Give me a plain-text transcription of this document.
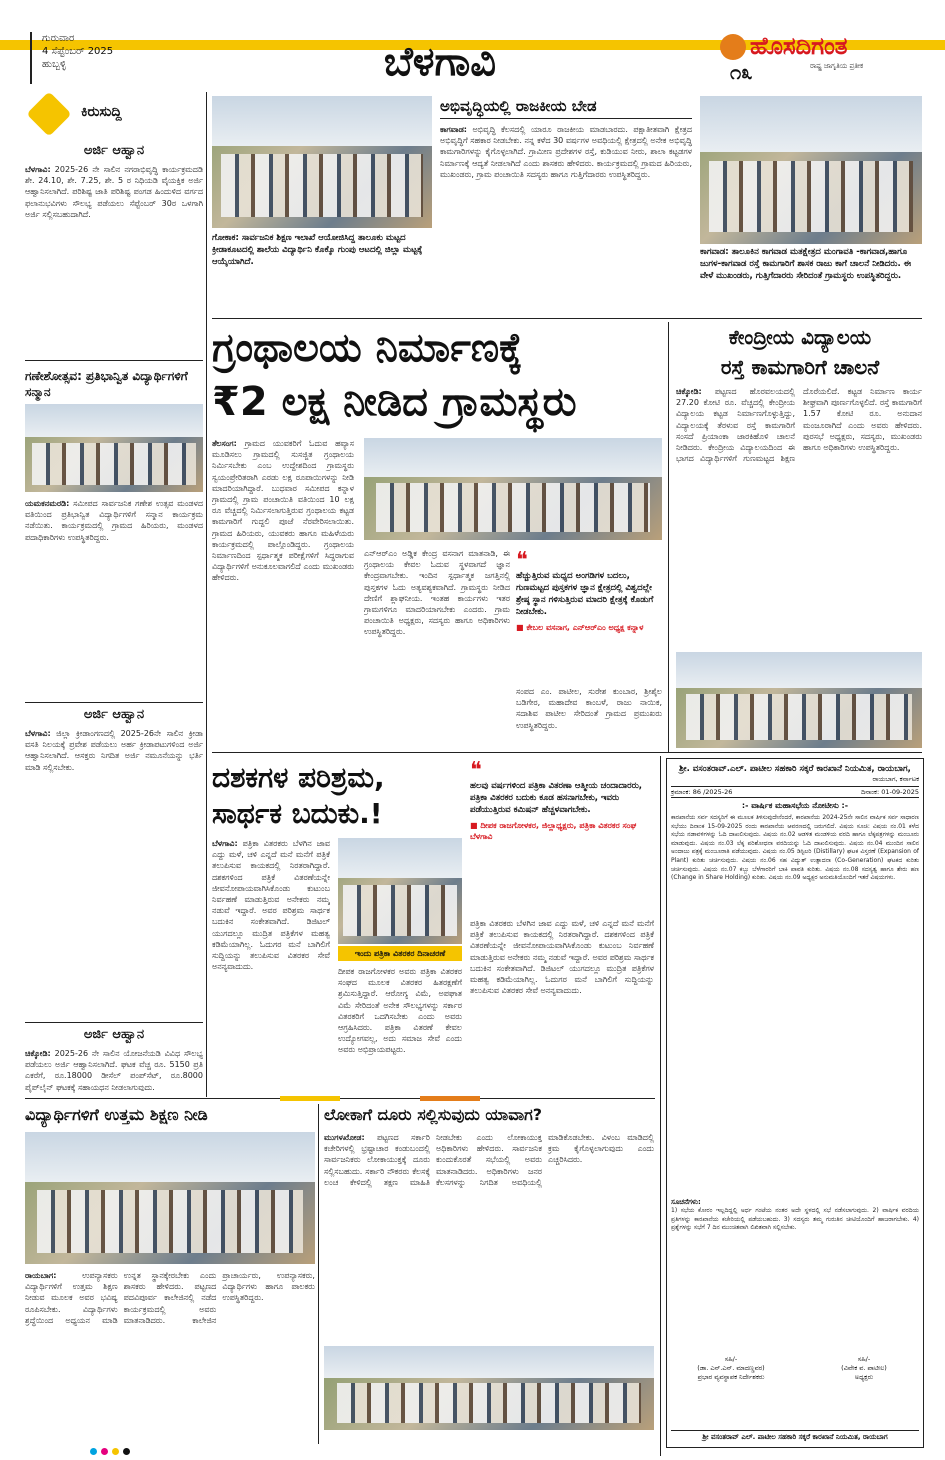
ಗುರುವಾರ
4 ಸೆಪ್ಟೆಂಬರ್ 2025
ಹುಬ್ಬಳ್ಳಿ	ಬೆಳಗಾವಿ	ಹೊಸದಿಗಂತ
ರಾಷ್ಟ್ರ ಜಾಗೃತಿಯ ಪ್ರತೀಕ
೧೩
ಕಿರುಸುದ್ದಿ
ಅರ್ಜಿ ಆಹ್ವಾನ
ಬೆಳಗಾವಿ: 2025-26 ನೇ ಸಾಲಿನ ನಗರಾಭಿವೃದ್ಧಿ ಕಾರ್ಯಕ್ರಮದಡಿ ಶೇ. 24.10, ಶೇ. 7.25, ಶೇ. 5 ರ ನಿಧಿಯಡಿ ವೈಯಕ್ತಿಕ ಅರ್ಜಿ ಆಹ್ವಾನಿಸಲಾಗಿದೆ. ಪರಿಶಿಷ್ಟ ಜಾತಿ ಪರಿಶಿಷ್ಟ ಪಂಗಡ ಹಿಂದುಳಿದ ವರ್ಗದ ಫಲಾನುಭವಿಗಳು ಸೌಲಭ್ಯ ಪಡೆಯಲು ಸೆಪ್ಟೆಂಬರ್ 30ರ ಒಳಗಾಗಿ ಅರ್ಜಿ ಸಲ್ಲಿಸಬಹುದಾಗಿದೆ.
ಗಣೇಶೋತ್ಸವ: ಪ್ರತಿಭಾನ್ವಿತ ವಿದ್ಯಾರ್ಥಿಗಳಿಗೆ ಸನ್ಮಾನ
ಯಮಕನಮರಡಿ: ಸಮೀಪದ ಸಾರ್ವಜನಿಕ ಗಣೇಶ ಉತ್ಸವ ಮಂಡಳದ ವತಿಯಿಂದ ಪ್ರತಿಭಾನ್ವಿತ ವಿದ್ಯಾರ್ಥಿಗಳಿಗೆ ಸನ್ಮಾನ ಕಾರ್ಯಕ್ರಮ ನಡೆಯಿತು. ಕಾರ್ಯಕ್ರಮದಲ್ಲಿ ಗ್ರಾಮದ ಹಿರಿಯರು, ಮಂಡಳದ ಪದಾಧಿಕಾರಿಗಳು ಉಪಸ್ಥಿತರಿದ್ದರು.
ಅರ್ಜಿ ಆಹ್ವಾನ
ಬೆಳಗಾವಿ: ಜಿಲ್ಲಾ ಕ್ರೀಡಾಂಗಣದಲ್ಲಿ 2025-26ನೇ ಸಾಲಿನ ಕ್ರೀಡಾ ವಸತಿ ನಿಲಯಕ್ಕೆ ಪ್ರವೇಶ ಪಡೆಯಲು ಅರ್ಹ ಕ್ರೀಡಾಪಟುಗಳಿಂದ ಅರ್ಜಿ ಆಹ್ವಾನಿಸಲಾಗಿದೆ. ಆಸಕ್ತರು ನಿಗದಿತ ಅರ್ಜಿ ನಮೂನೆಯನ್ನು ಭರ್ತಿ ಮಾಡಿ ಸಲ್ಲಿಸಬೇಕು.
ಅರ್ಜಿ ಆಹ್ವಾನ
ಚಿಕ್ಕೋಡಿ: 2025-26 ನೇ ಸಾಲಿನ ಯೋಜನೆಯಡಿ ವಿವಿಧ ಸೌಲಭ್ಯ ಪಡೆಯಲು ಅರ್ಜಿ ಆಹ್ವಾನಿಸಲಾಗಿದೆ. ಘಟಕ ವೆಚ್ಚ ರೂ. 5150 ಪ್ರತಿ ಎಕರೆಗೆ, ರೂ.18000 ಡೀಸೆಲ್ ಪಂಪ್‌ಸೆಟ್, ರೂ.8000 ಪೈಪ್‌ಲೈನ್ ಘಟಕಕ್ಕೆ ಸಹಾಯಧನ ನೀಡಲಾಗುವುದು.
ಗೋಕಾಕ: ಸಾರ್ವಜನಿಕ ಶಿಕ್ಷಣ ಇಲಾಖೆ ಆಯೋಜಿಸಿದ್ದ ತಾಲೂಕು ಮಟ್ಟದ ಕ್ರೀಡಾಕೂಟದಲ್ಲಿ ಶಾಲೆಯ ವಿದ್ಯಾರ್ಥಿನಿ ಕೊಕ್ಕೊ ಗುಂಪು ಆಟದಲ್ಲಿ ಜಿಲ್ಲಾ ಮಟ್ಟಕ್ಕೆ ಆಯ್ಕೆಯಾಗಿದೆ.
ಅಭಿವೃದ್ಧಿಯಲ್ಲಿ ರಾಜಕೀಯ ಬೇಡ
ಕಾಗವಾಡ: ಅಭಿವೃದ್ಧಿ ಕೆಲಸದಲ್ಲಿ ಯಾರೂ ರಾಜಕೀಯ ಮಾಡಬಾರದು. ಪಕ್ಷಾತೀತವಾಗಿ ಕ್ಷೇತ್ರದ ಅಭಿವೃದ್ಧಿಗೆ ಸಹಕಾರ ನೀಡಬೇಕು. ನನ್ನ ಕಳೆದ 30 ವರ್ಷಗಳ ಅವಧಿಯಲ್ಲಿ ಕ್ಷೇತ್ರದಲ್ಲಿ ಅನೇಕ ಅಭಿವೃದ್ಧಿ ಕಾಮಗಾರಿಗಳನ್ನು ಕೈಗೊಳ್ಳಲಾಗಿದೆ. ಗ್ರಾಮೀಣ ಪ್ರದೇಶಗಳ ರಸ್ತೆ, ಕುಡಿಯುವ ನೀರು, ಶಾಲಾ ಕಟ್ಟಡಗಳ ನಿರ್ಮಾಣಕ್ಕೆ ಆದ್ಯತೆ ನೀಡಲಾಗಿದೆ ಎಂದು ಶಾಸಕರು ಹೇಳಿದರು. ಕಾರ್ಯಕ್ರಮದಲ್ಲಿ ಗ್ರಾಮದ ಹಿರಿಯರು, ಮುಖಂಡರು, ಗ್ರಾಮ ಪಂಚಾಯಿತಿ ಸದಸ್ಯರು ಹಾಗೂ ಗುತ್ತಿಗೆದಾರರು ಉಪಸ್ಥಿತರಿದ್ದರು.
ಕಾಗವಾಡ: ತಾಲೂಕಿನ ಕಾಗವಾಡ ಮತಕ್ಷೇತ್ರದ ಮಂಗಾವತಿ -ಕಾಗವಾಡ,ಹಾಗೂ ಜುಗಳ-ಕಾಗವಾಡ ರಸ್ತೆ ಕಾಮಗಾರಿಗೆ ಶಾಸಕ ರಾಜು ಕಾಗೆ ಚಾಲನೆ ನೀಡಿದರು. ಈ ವೇಳೆ ಮುಖಂಡರು, ಗುತ್ತಿಗೆದಾರರು ಸೇರಿದಂತೆ ಗ್ರಾಮಸ್ಥರು ಉಪಸ್ಥಿತರಿದ್ದರು.
ಗ್ರಂಥಾಲಯ ನಿರ್ಮಾಣಕ್ಕೆ
₹2 ಲಕ್ಷ ನೀಡಿದ ಗ್ರಾಮಸ್ಥರು
ತೆಲಸಂಗ: ಗ್ರಾಮದ ಯುವಕರಿಗೆ ಓದುವ ಹವ್ಯಾಸ ಮೂಡಿಸಲು ಗ್ರಾಮದಲ್ಲಿ ಸುಸಜ್ಜಿತ ಗ್ರಂಥಾಲಯ ನಿರ್ಮಿಸಬೇಕು ಎಂಬ ಉದ್ದೇಶದಿಂದ ಗ್ರಾಮಸ್ಥರು ಸ್ವಯಂಪ್ರೇರಿತರಾಗಿ ಎರಡು ಲಕ್ಷ ರೂಪಾಯಿಗಳನ್ನು ನೀಡಿ ಮಾದರಿಯಾಗಿದ್ದಾರೆ. ಬುಧವಾರ ಸಮೀಪದ ಕನ್ನಾಳ ಗ್ರಾಮದಲ್ಲಿ ಗ್ರಾಮ ಪಂಚಾಯಿತಿ ವತಿಯಿಂದ 10 ಲಕ್ಷ ರೂ ವೆಚ್ಚದಲ್ಲಿ ನಿರ್ಮಿಸಲಾಗುತ್ತಿರುವ ಗ್ರಂಥಾಲಯ ಕಟ್ಟಡ ಕಾಮಗಾರಿಗೆ ಗುದ್ದಲಿ ಪೂಜೆ ನೆರವೇರಿಸಲಾಯಿತು. ಗ್ರಾಮದ ಹಿರಿಯರು, ಯುವಕರು ಹಾಗೂ ಮಹಿಳೆಯರು ಕಾರ್ಯಕ್ರಮದಲ್ಲಿ ಪಾಲ್ಗೊಂಡಿದ್ದರು. ಗ್ರಂಥಾಲಯ ನಿರ್ಮಾಣದಿಂದ ಸ್ಪರ್ಧಾತ್ಮಕ ಪರೀಕ್ಷೆಗಳಿಗೆ ಸಿದ್ಧರಾಗುವ ವಿದ್ಯಾರ್ಥಿಗಳಿಗೆ ಅನುಕೂಲವಾಗಲಿದೆ ಎಂದು ಮುಖಂಡರು ಹೇಳಿದರು.
ಎನ್‌ಆರ್‌ಎಂ ಅಡ್ಡಿಕ ಕೇಂದ್ರ ವಸನಾಗ ಮಾತನಾಡಿ, ಈ ಗ್ರಂಥಾಲಯ ಕೇವಲ ಓದುವ ಸ್ಥಳವಾಗದೆ ಜ್ಞಾನ ಕೇಂದ್ರವಾಗಬೇಕು. ಇಂದಿನ ಸ್ಪರ್ಧಾತ್ಮಕ ಜಗತ್ತಿನಲ್ಲಿ ಪುಸ್ತಕಗಳ ಓದು ಅತ್ಯವಶ್ಯಕವಾಗಿದೆ. ಗ್ರಾಮಸ್ಥರು ನೀಡಿದ ದೇಣಿಗೆ ಶ್ಲಾಘನೀಯ. ಇಂತಹ ಕಾರ್ಯಗಳು ಇತರ ಗ್ರಾಮಗಳಿಗೂ ಮಾದರಿಯಾಗಬೇಕು ಎಂದರು. ಗ್ರಾಮ ಪಂಚಾಯಿತಿ ಅಧ್ಯಕ್ಷರು, ಸದಸ್ಯರು ಹಾಗೂ ಅಧಿಕಾರಿಗಳು ಉಪಸ್ಥಿತರಿದ್ದರು.
❝
ಹೆಚ್ಚುತ್ತಿರುವ ಮಧ್ಯದ ಅಂಗಡಿಗಳ ಬದಲು, ಗುಣಮಟ್ಟದ ಪುಸ್ತಕಗಳ ಜ್ಞಾನ ಕ್ಷೇತ್ರದಲ್ಲಿ ವಿಶ್ವದಲ್ಲೇ ಶ್ರೇಷ್ಠ ಸ್ಥಾನ ಗಳಿಸುತ್ತಿರುವ ಮಾದರಿ ಕ್ಷೇತ್ರಕ್ಕೆ ಕೊಡುಗೆ ನೀಡಬೇಕು.
■ ಕೇಬಲ ವಸನಾಗ, ಎನ್‌ಆರ್‌ಎಂ ಅಧ್ಯಕ್ಷ ಕನ್ನಾಳ
ಸಂಪದ ಎಂ. ಪಾಟೀಲ, ಸುರೇಶ ಕುಂಬಾರ, ಶ್ರೀಶೈಲ ಬಡಿಗೇರ, ಮಹಾದೇವ ಕಾಂಬಳೆ, ರಾಜು ನಾಯಿಕ, ಸದಾಶಿವ ಪಾಟೀಲ ಸೇರಿದಂತೆ ಗ್ರಾಮದ ಪ್ರಮುಖರು ಉಪಸ್ಥಿತರಿದ್ದರು.
ಕೇಂದ್ರೀಯ ವಿದ್ಯಾಲಯ
ರಸ್ತೆ ಕಾಮಗಾರಿಗೆ ಚಾಲನೆ
ಚಿಕ್ಕೋಡಿ: ಪಟ್ಟಣದ ಹೊರವಲಯದಲ್ಲಿ 27.20 ಕೋಟಿ ರೂ. ವೆಚ್ಚದಲ್ಲಿ ಕೇಂದ್ರೀಯ ವಿದ್ಯಾಲಯ ಕಟ್ಟಡ ನಿರ್ಮಾಣಗೊಳ್ಳುತ್ತಿದ್ದು, ವಿದ್ಯಾಲಯಕ್ಕೆ ತೆರಳುವ ರಸ್ತೆ ಕಾಮಗಾರಿಗೆ ಸಂಸದೆ ಪ್ರಿಯಾಂಕಾ ಜಾರಕಿಹೊಳಿ ಚಾಲನೆ ನೀಡಿದರು. ಕೇಂದ್ರೀಯ ವಿದ್ಯಾಲಯದಿಂದ ಈ ಭಾಗದ ವಿದ್ಯಾರ್ಥಿಗಳಿಗೆ ಗುಣಮಟ್ಟದ ಶಿಕ್ಷಣ ದೊರೆಯಲಿದೆ. ಕಟ್ಟಡ ನಿರ್ಮಾಣ ಕಾರ್ಯ ಶೀಘ್ರವಾಗಿ ಪೂರ್ಣಗೊಳ್ಳಲಿದೆ. ರಸ್ತೆ ಕಾಮಗಾರಿಗೆ 1.57 ಕೋಟಿ ರೂ. ಅನುದಾನ ಮಂಜೂರಾಗಿದೆ ಎಂದು ಅವರು ಹೇಳಿದರು. ಪುರಸಭೆ ಅಧ್ಯಕ್ಷರು, ಸದಸ್ಯರು, ಮುಖಂಡರು ಹಾಗೂ ಅಧಿಕಾರಿಗಳು ಉಪಸ್ಥಿತರಿದ್ದರು.
ದಶಕಗಳ ಪರಿಶ್ರಮ,
ಸಾರ್ಥಕ ಬದುಕು.!
ಬೆಳಗಾವಿ: ಪತ್ರಿಕಾ ವಿತರಕರು ಬೆಳಗಿನ ಜಾವ ಎದ್ದು ಮಳೆ, ಚಳಿ ಎನ್ನದೆ ಮನೆ ಮನೆಗೆ ಪತ್ರಿಕೆ ತಲುಪಿಸುವ ಕಾಯಕದಲ್ಲಿ ನಿರತರಾಗಿದ್ದಾರೆ. ದಶಕಗಳಿಂದ ಪತ್ರಿಕೆ ವಿತರಣೆಯನ್ನೇ ಜೀವನೋಪಾಯವಾಗಿಸಿಕೊಂಡು ಕುಟುಂಬ ನಿರ್ವಹಣೆ ಮಾಡುತ್ತಿರುವ ಅನೇಕರು ನಮ್ಮ ನಡುವೆ ಇದ್ದಾರೆ. ಅವರ ಪರಿಶ್ರಮ ಸಾರ್ಥಕ ಬದುಕಿನ ಸಂಕೇತವಾಗಿದೆ. ಡಿಜಿಟಲ್ ಯುಗದಲ್ಲೂ ಮುದ್ರಿತ ಪತ್ರಿಕೆಗಳ ಮಹತ್ವ ಕಡಿಮೆಯಾಗಿಲ್ಲ. ಓದುಗರ ಮನೆ ಬಾಗಿಲಿಗೆ ಸುದ್ದಿಯನ್ನು ತಲುಪಿಸುವ ವಿತರಕರ ಸೇವೆ ಅನನ್ಯವಾದುದು.
ಇಂದು ಪತ್ರಿಕಾ ವಿತರಕರ ದಿನಾಚರಣೆ
ದೀಪಕ ರಾಜಗೋಳಕರ ಅವರು ಪತ್ರಿಕಾ ವಿತರಕರ ಸಂಘದ ಮೂಲಕ ವಿತರಕರ ಹಿತರಕ್ಷಣೆಗೆ ಶ್ರಮಿಸುತ್ತಿದ್ದಾರೆ. ಆರೋಗ್ಯ ವಿಮೆ, ಅಪಘಾತ ವಿಮೆ ಸೇರಿದಂತೆ ಅನೇಕ ಸೌಲಭ್ಯಗಳನ್ನು ಸರ್ಕಾರ ವಿತರಕರಿಗೆ ಒದಗಿಸಬೇಕು ಎಂದು ಅವರು ಆಗ್ರಹಿಸಿದರು. ಪತ್ರಿಕಾ ವಿತರಣೆ ಕೇವಲ ಉದ್ಯೋಗವಲ್ಲ, ಅದು ಸಮಾಜ ಸೇವೆ ಎಂದು ಅವರು ಅಭಿಪ್ರಾಯಪಟ್ಟರು.
❝
ಹಲವು ವರ್ಷಗಳಿಂದ ಪತ್ರಿಕಾ ವಿತರಣಾ ಆತ್ಮೀಯ ಚಂದಾದಾರರು, ಪತ್ರಿಕಾ ವಿತರಕರ ಬದುಕು ಕೂಡ ಹಸನಾಗಬೇಕು, ಇವರು ಪಡೆಯುತ್ತಿರುವ ಕಮಿಷನ್ ಹೆಚ್ಚಳವಾಗಬೇಕು.
■ ದೀಪಕ ರಾಜಗೋಳಕರ, ಜಿಲ್ಲಾಧ್ಯಕ್ಷರು, ಪತ್ರಿಕಾ ವಿತರಕರ ಸಂಘ ಬೆಳಗಾವಿ
ಪತ್ರಿಕಾ ವಿತರಕರು ಬೆಳಗಿನ ಜಾವ ಎದ್ದು ಮಳೆ, ಚಳಿ ಎನ್ನದೆ ಮನೆ ಮನೆಗೆ ಪತ್ರಿಕೆ ತಲುಪಿಸುವ ಕಾಯಕದಲ್ಲಿ ನಿರತರಾಗಿದ್ದಾರೆ. ದಶಕಗಳಿಂದ ಪತ್ರಿಕೆ ವಿತರಣೆಯನ್ನೇ ಜೀವನೋಪಾಯವಾಗಿಸಿಕೊಂಡು ಕುಟುಂಬ ನಿರ್ವಹಣೆ ಮಾಡುತ್ತಿರುವ ಅನೇಕರು ನಮ್ಮ ನಡುವೆ ಇದ್ದಾರೆ. ಅವರ ಪರಿಶ್ರಮ ಸಾರ್ಥಕ ಬದುಕಿನ ಸಂಕೇತವಾಗಿದೆ. ಡಿಜಿಟಲ್ ಯುಗದಲ್ಲೂ ಮುದ್ರಿತ ಪತ್ರಿಕೆಗಳ ಮಹತ್ವ ಕಡಿಮೆಯಾಗಿಲ್ಲ. ಓದುಗರ ಮನೆ ಬಾಗಿಲಿಗೆ ಸುದ್ದಿಯನ್ನು ತಲುಪಿಸುವ ವಿತರಕರ ಸೇವೆ ಅನನ್ಯವಾದುದು.
ಶ್ರೀ. ವಸಂತರಾವ್.ಎಲ್. ಪಾಟೀಲ ಸಹಕಾರಿ ಸಕ್ಕರೆ ಕಾರಖಾನೆ ನಿಯಮಿತ, ರಾಯಬಾಗ,
ರಾಯಬಾಗ, ಕರ್ನಾಟಕ
ಕ್ರಮಾಂಕ: 86 /2025-26	ದಿನಾಂಕ: 01-09-2025
:- ವಾರ್ಷಿಕ ಮಹಾಸಭೆಯ ನೋಟೀಸು :-
ಕಾರಖಾನೆಯ ಸರ್ವ ಸದಸ್ಯರಿಗೆ ಈ ಮೂಲಕ ತಿಳಿಸುವುದೇನೆಂದರೆ, ಕಾರಖಾನೆಯ 2024-25ನೇ ಸಾಲಿನ ವಾರ್ಷಿಕ ಸರ್ವ ಸಾಧಾರಣ ಸಭೆಯು ದಿನಾಂಕ 15-09-2025 ರಂದು ಕಾರಖಾನೆಯ ಆವರಣದಲ್ಲಿ ಜರುಗಲಿದೆ. ವಿಷಯ ಸೂಚಿ: ವಿಷಯ ನಂ.01 ಕಳೆದ ಸಭೆಯ ನಡಾವಳಿಗಳನ್ನು ಓದಿ ದಾಖಲಿಸುವುದು. ವಿಷಯ ನಂ.02 ಆಡಳಿತ ಮಂಡಳಿಯ ವರದಿ ಹಾಗೂ ಲೆಕ್ಕಪತ್ರಗಳನ್ನು ಮಂಜೂರು ಮಾಡುವುದು. ವಿಷಯ ನಂ.03 ಲೆಕ್ಕ ಪರಿಶೋಧನಾ ವರದಿಯನ್ನು ಓದಿ ದಾಖಲಿಸುವುದು. ವಿಷಯ ನಂ.04 ಮುಂದಿನ ಸಾಲಿನ ಅಂದಾಜು ಪತ್ರಕ್ಕೆ ಮಂಜೂರಾತಿ ಪಡೆಯುವುದು. ವಿಷಯ ನಂ.05 ಡಿಸ್ಟಿಲರಿ (Distillary) ಘಟಕ ವಿಸ್ತರಣೆ (Expansion of Plant) ಕುರಿತು ಚರ್ಚಿಸುವುದು. ವಿಷಯ ನಂ.06 ಸಹ ವಿದ್ಯುತ್ ಉತ್ಪಾದನಾ (Co-Generation) ಘಟಕದ ಕುರಿತು ಚರ್ಚಿಸುವುದು. ವಿಷಯ ನಂ.07 ಕಬ್ಬು ಬೆಳೆಗಾರರಿಗೆ ಬಾಕಿ ಪಾವತಿ ಕುರಿತು. ವಿಷಯ ನಂ.08 ಸದಸ್ಯತ್ವ ಹಾಗೂ ಶೇರು ಹಣ (Change in Share Holding) ಕುರಿತು. ವಿಷಯ ನಂ.09 ಅಧ್ಯಕ್ಷರ ಅನುಮತಿಯೊಂದಿಗೆ ಇತರೆ ವಿಷಯಗಳು.
ಸೂಚನೆಗಳು:
1) ಸಭೆಯ ಕೋರಂ ಇಲ್ಲದಿದ್ದಲ್ಲಿ ಅರ್ಧ ಗಂಟೆಯ ನಂತರ ಅದೇ ಸ್ಥಳದಲ್ಲಿ ಸಭೆ ನಡೆಸಲಾಗುವುದು. 2) ವಾರ್ಷಿಕ ವರದಿಯ ಪ್ರತಿಗಳನ್ನು ಕಾರಖಾನೆಯ ಕಚೇರಿಯಲ್ಲಿ ಪಡೆಯಬಹುದು. 3) ಸದಸ್ಯರು ತಮ್ಮ ಗುರುತಿನ ಚೀಟಿಯೊಂದಿಗೆ ಹಾಜರಾಗಬೇಕು. 4) ಪ್ರಶ್ನೆಗಳನ್ನು ಸಭೆಗೆ 7 ದಿನ ಮುಂಚಿತವಾಗಿ ಲಿಖಿತವಾಗಿ ಸಲ್ಲಿಸಬೇಕು.
ಸಹಿ/-
(ಡಾ. ಎನ್.ಎನ್. ಮಾದಣ್ಣವರ)
ಪ್ರಭಾರ ವ್ಯವಸ್ಥಾಪಕ ನಿರ್ದೇಶಕರು
ಸಹಿ/-
(ವಿವೇಕ ವ. ಪಾಟೀಲ)
ಅಧ್ಯಕ್ಷರು
ಶ್ರೀ ವಸಂತರಾವ್ ಎಲ್. ಪಾಟೀಲ ಸಹಕಾರಿ ಸಕ್ಕರೆ ಕಾರಖಾನೆ ನಿಯಮಿತ, ರಾಯಬಾಗ
ವಿದ್ಯಾರ್ಥಿಗಳಿಗೆ ಉತ್ತಮ ಶಿಕ್ಷಣ ನೀಡಿ
ರಾಯಬಾಗ:	ಉಪನ್ಯಾಸಕರು ವಿದ್ಯಾರ್ಥಿಗಳಿಗೆ ಉತ್ತಮ ಶಿಕ್ಷಣ ನೀಡುವ ಮೂಲಕ ಅವರ ಭವಿಷ್ಯ ರೂಪಿಸಬೇಕು. ವಿದ್ಯಾರ್ಥಿಗಳು ಶ್ರದ್ಧೆಯಿಂದ ಅಧ್ಯಯನ ಮಾಡಿ ಉನ್ನತ ಸ್ಥಾನಕ್ಕೇರಬೇಕು ಎಂದು ಶಾಸಕರು ಹೇಳಿದರು. ಪಟ್ಟಣದ ಪದವಿಪೂರ್ವ ಕಾಲೇಜಿನಲ್ಲಿ ನಡೆದ ಕಾರ್ಯಕ್ರಮದಲ್ಲಿ ಅವರು ಮಾತನಾಡಿದರು. ಕಾಲೇಜಿನ ಪ್ರಾಚಾರ್ಯರು, ಉಪನ್ಯಾಸಕರು, ವಿದ್ಯಾರ್ಥಿಗಳು ಹಾಗೂ ಪಾಲಕರು ಉಪಸ್ಥಿತರಿದ್ದರು.
ಲೋಕಾಗೆ ದೂರು ಸಲ್ಲಿಸುವುದು ಯಾವಾಗ?
ಮುಗಳಖೋಡ: ಪಟ್ಟಣದ ಸರ್ಕಾರಿ ಕಚೇರಿಗಳಲ್ಲಿ ಭ್ರಷ್ಟಾಚಾರ ಕಂಡುಬಂದಲ್ಲಿ ಸಾರ್ವಜನಿಕರು ಲೋಕಾಯುಕ್ತಕ್ಕೆ ದೂರು ಸಲ್ಲಿಸಬಹುದು. ಸರ್ಕಾರಿ ನೌಕರರು ಕೆಲಸಕ್ಕೆ ಲಂಚ ಕೇಳಿದಲ್ಲಿ ತಕ್ಷಣ ಮಾಹಿತಿ ನೀಡಬೇಕು ಎಂದು ಲೋಕಾಯುಕ್ತ ಅಧಿಕಾರಿಗಳು ಹೇಳಿದರು. ಸಾರ್ವಜನಿಕ ಕುಂದುಕೊರತೆ ಸಭೆಯಲ್ಲಿ ಅವರು ಮಾತನಾಡಿದರು. ಅಧಿಕಾರಿಗಳು ಜನರ ಕೆಲಸಗಳನ್ನು ನಿಗದಿತ ಅವಧಿಯಲ್ಲಿ ಮಾಡಿಕೊಡಬೇಕು. ವಿಳಂಬ ಮಾಡಿದಲ್ಲಿ ಕ್ರಮ ಕೈಗೊಳ್ಳಲಾಗುವುದು ಎಂದು ಎಚ್ಚರಿಸಿದರು.
